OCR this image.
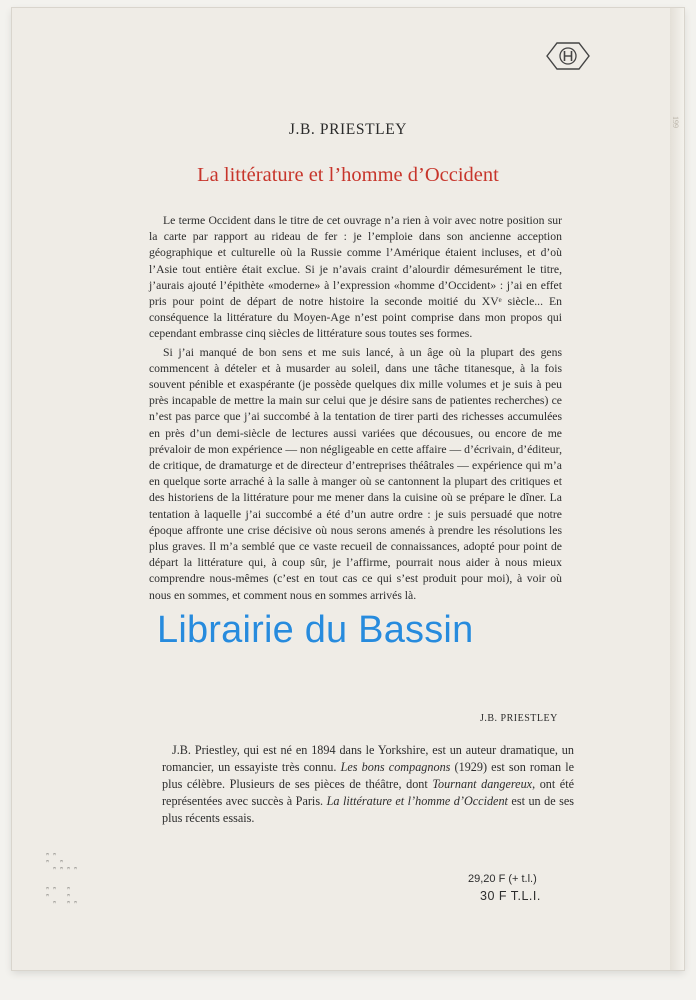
199
J.B. PRIESTLEY
La littérature et l’homme d’Occident

Le terme Occident dans le titre de cet ouvrage n’a rien à voir avec notre position sur la carte par rapport au rideau de fer : je l’emploie dans son ancienne acception géographique et culturelle où la Russie comme l’Amérique étaient incluses, et d’où l’Asie tout entière était exclue. Si je n’avais craint d’alourdir démesurément le titre, j’aurais ajouté l’épithète «moderne» à l’expression «homme d’Occident» : j’ai en effet pris pour point de départ de notre histoire la seconde moitié du XVᵉ siècle... En conséquence la littérature du Moyen-Age n’est point comprise dans mon propos qui cependant embrasse cinq siècles de littérature sous toutes ses formes.

Si j’ai manqué de bon sens et me suis lancé, à un âge où la plupart des gens commencent à dételer et à musarder au soleil, dans une tâche titanesque, à la fois souvent pénible et exaspérante (je possède quelques dix mille volumes et je suis à peu près incapable de mettre la main sur celui que je désire sans de patientes recherches) ce n’est pas parce que j’ai succombé à la tentation de tirer parti des richesses accumulées en près d’un demi-siècle de lectures aussi variées que décousues, ou encore de me prévaloir de mon expérience — non négligeable en cette affaire — d’écrivain, d’éditeur, de critique, de dramaturge et de directeur d’entreprises théâtrales — expérience qui m’a en quelque sorte arraché à la salle à manger où se cantonnent la plupart des critiques et des historiens de la littérature pour me mener dans la cuisine où se prépare le dîner. La tentation à laquelle j’ai succombé a été d’un autre ordre : je suis persuadé que notre époque affronte une crise décisive où nous serons amenés à prendre les résolutions les plus graves. Il m’a semblé que ce vaste recueil de connaissances, adopté pour point de départ la littérature qui, à coup sûr, je l’affirme, pourrait nous aider à nous mieux comprendre nous-mêmes (c’est en tout cas ce qui s’est produit pour moi), à voir où nous en sommes, et comment nous en sommes arrivés là.

J.B. PRIESTLEY

J.B. Priestley, qui est né en 1894 dans le Yorkshire, est un auteur dramatique, un romancier, un essayiste très connu. Les bons compagnons (1929) est son roman le plus célèbre. Plusieurs de ses pièces de théâtre, dont Tournant dangereux, ont été représentées avec succès à Paris. La littérature et l’homme d’Occident est un de ses plus récents essais.

29,20 F (+ t.l.)
30 F T.L.I.
Librairie du Bassin
